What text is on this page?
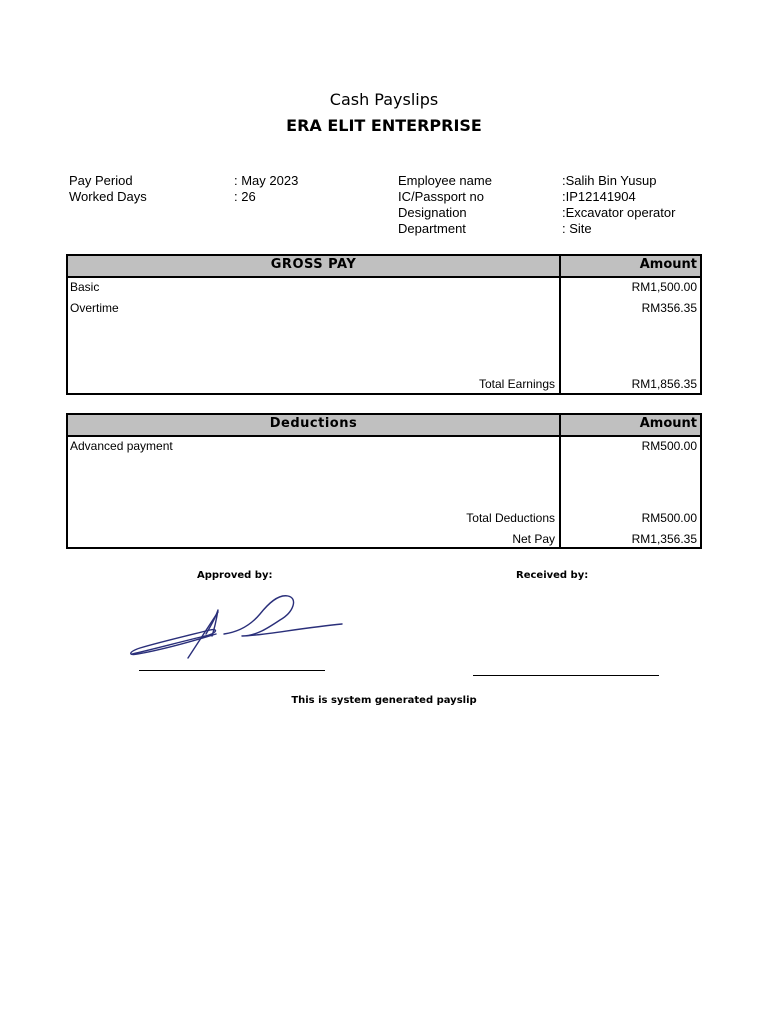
Cash Payslips
ERA ELIT ENTERPRISE
Pay Period	: May 2023
Worked Days	: 26
Employee name	:Salih Bin Yusup
IC/Passport no	:IP12141904
Designation	:Excavator operator
Department	: Site
GROSS PAY	Amount
Basic	RM1,500.00
Overtime	RM356.35
Total Earnings	RM1,856.35
Deductions	Amount
Advanced payment	RM500.00
Total Deductions	RM500.00
Net Pay	RM1,356.35
Approved by:	Received by:
This is system generated payslip
